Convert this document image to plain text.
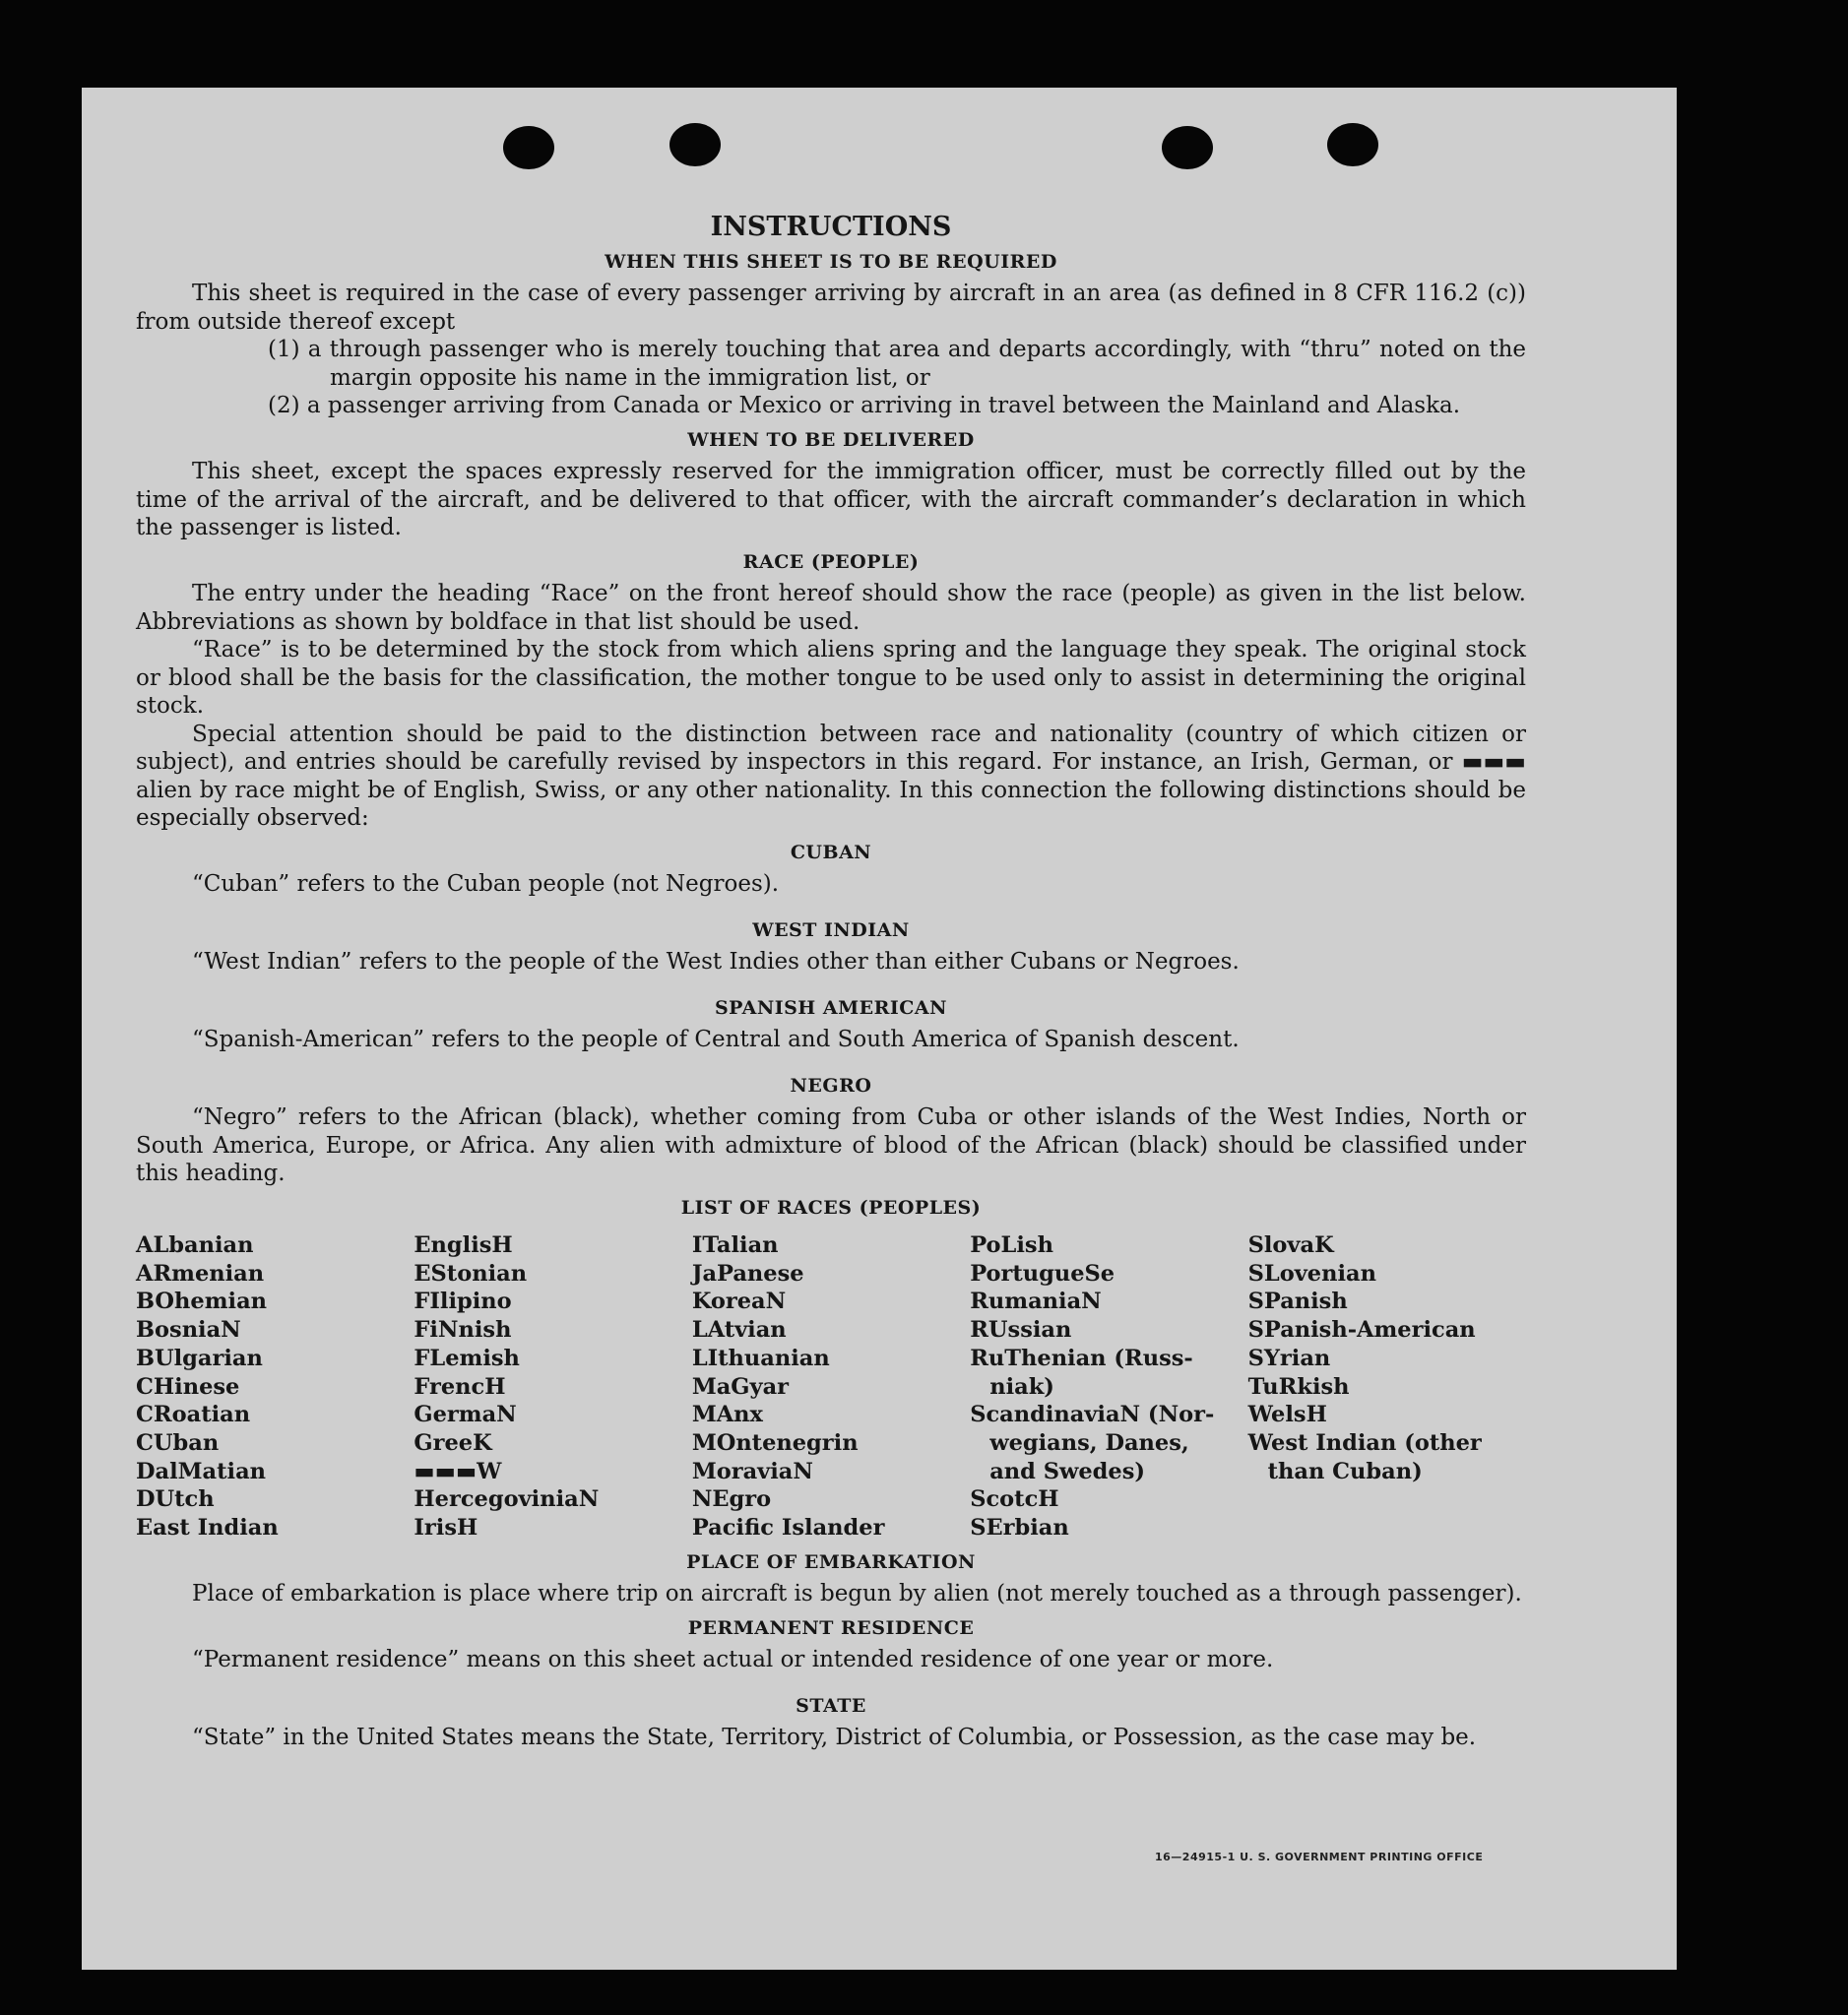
INSTRUCTIONS
WHEN THIS SHEET IS TO BE REQUIRED

This sheet is required in the case of every passenger arriving by aircraft in an area (as defined in 8 CFR 116.2 (c)) from outside thereof except

(1) a through passenger who is merely touching that area and departs accordingly, with “thru” noted on the margin opposite his name in the immigration list, or

(2) a passenger arriving from Canada or Mexico or arriving in travel between the Mainland and Alaska.

WHEN TO BE DELIVERED

This sheet, except the spaces expressly reserved for the immigration officer, must be correctly filled out by the time of the arrival of the aircraft, and be delivered to that officer, with the aircraft commander’s declaration in which the passenger is listed.

RACE (PEOPLE)

The entry under the heading “Race” on the front hereof should show the race (people) as given in the list below. Abbreviations as shown by boldface in that list should be used.

“Race” is to be determined by the stock from which aliens spring and the language they speak. The original stock or blood shall be the basis for the classification, the mother tongue to be used only to assist in determining the original stock.

Special attention should be paid to the distinction between race and nationality (country of which citizen or subject), and entries should be carefully revised by inspectors in this regard. For instance, an Irish, German, or ▬▬▬ alien by race might be of English, Swiss, or any other nationality. In this connection the following distinctions should be especially observed:

CUBAN

“Cuban” refers to the Cuban people (not Negroes).

WEST INDIAN

“West Indian” refers to the people of the West Indies other than either Cubans or Negroes.

SPANISH AMERICAN

“Spanish-American” refers to the people of Central and South America of Spanish descent.

NEGRO

“Negro” refers to the African (black), whether coming from Cuba or other islands of the West Indies, North or South America, Europe, or Africa. Any alien with admixture of blood of the African (black) should be classified under this heading.

LIST OF RACES (PEOPLES)
ALbanian
ARmenian
BOhemian
BosniaN
BUlgarian
CHinese
CRoatian
CUban
DalMatian
DUtch
East Indian
EnglisH
EStonian
FIlipino
FiNnish
FLemish
FrencH
GermaN
GreeK
▬▬▬W
HercegoviniaN
IrisH
ITalian
JaPanese
KoreaN
LAtvian
LIthuanian
MaGyar
MAnx
MOntenegrin
MoraviaN
NEgro
Pacific Islander
PoLish
PortugueSe
RumaniaN
RUssian
RuThenian (Russ-
niak)
ScandinaviaN (Nor-
wegians, Danes,
and Swedes)
ScotcH
SErbian
SlovaK
SLovenian
SPanish
SPanish-American
SYrian
TuRkish
WelsH
West Indian (other
than Cuban)
PLACE OF EMBARKATION

Place of embarkation is place where trip on aircraft is begun by alien (not merely touched as a through passenger).

PERMANENT RESIDENCE

“Permanent residence” means on this sheet actual or intended residence of one year or more.

STATE

“State” in the United States means the State, Territory, District of Columbia, or Possession, as the case may be.

16—24915-1 U. S. GOVERNMENT PRINTING OFFICE
